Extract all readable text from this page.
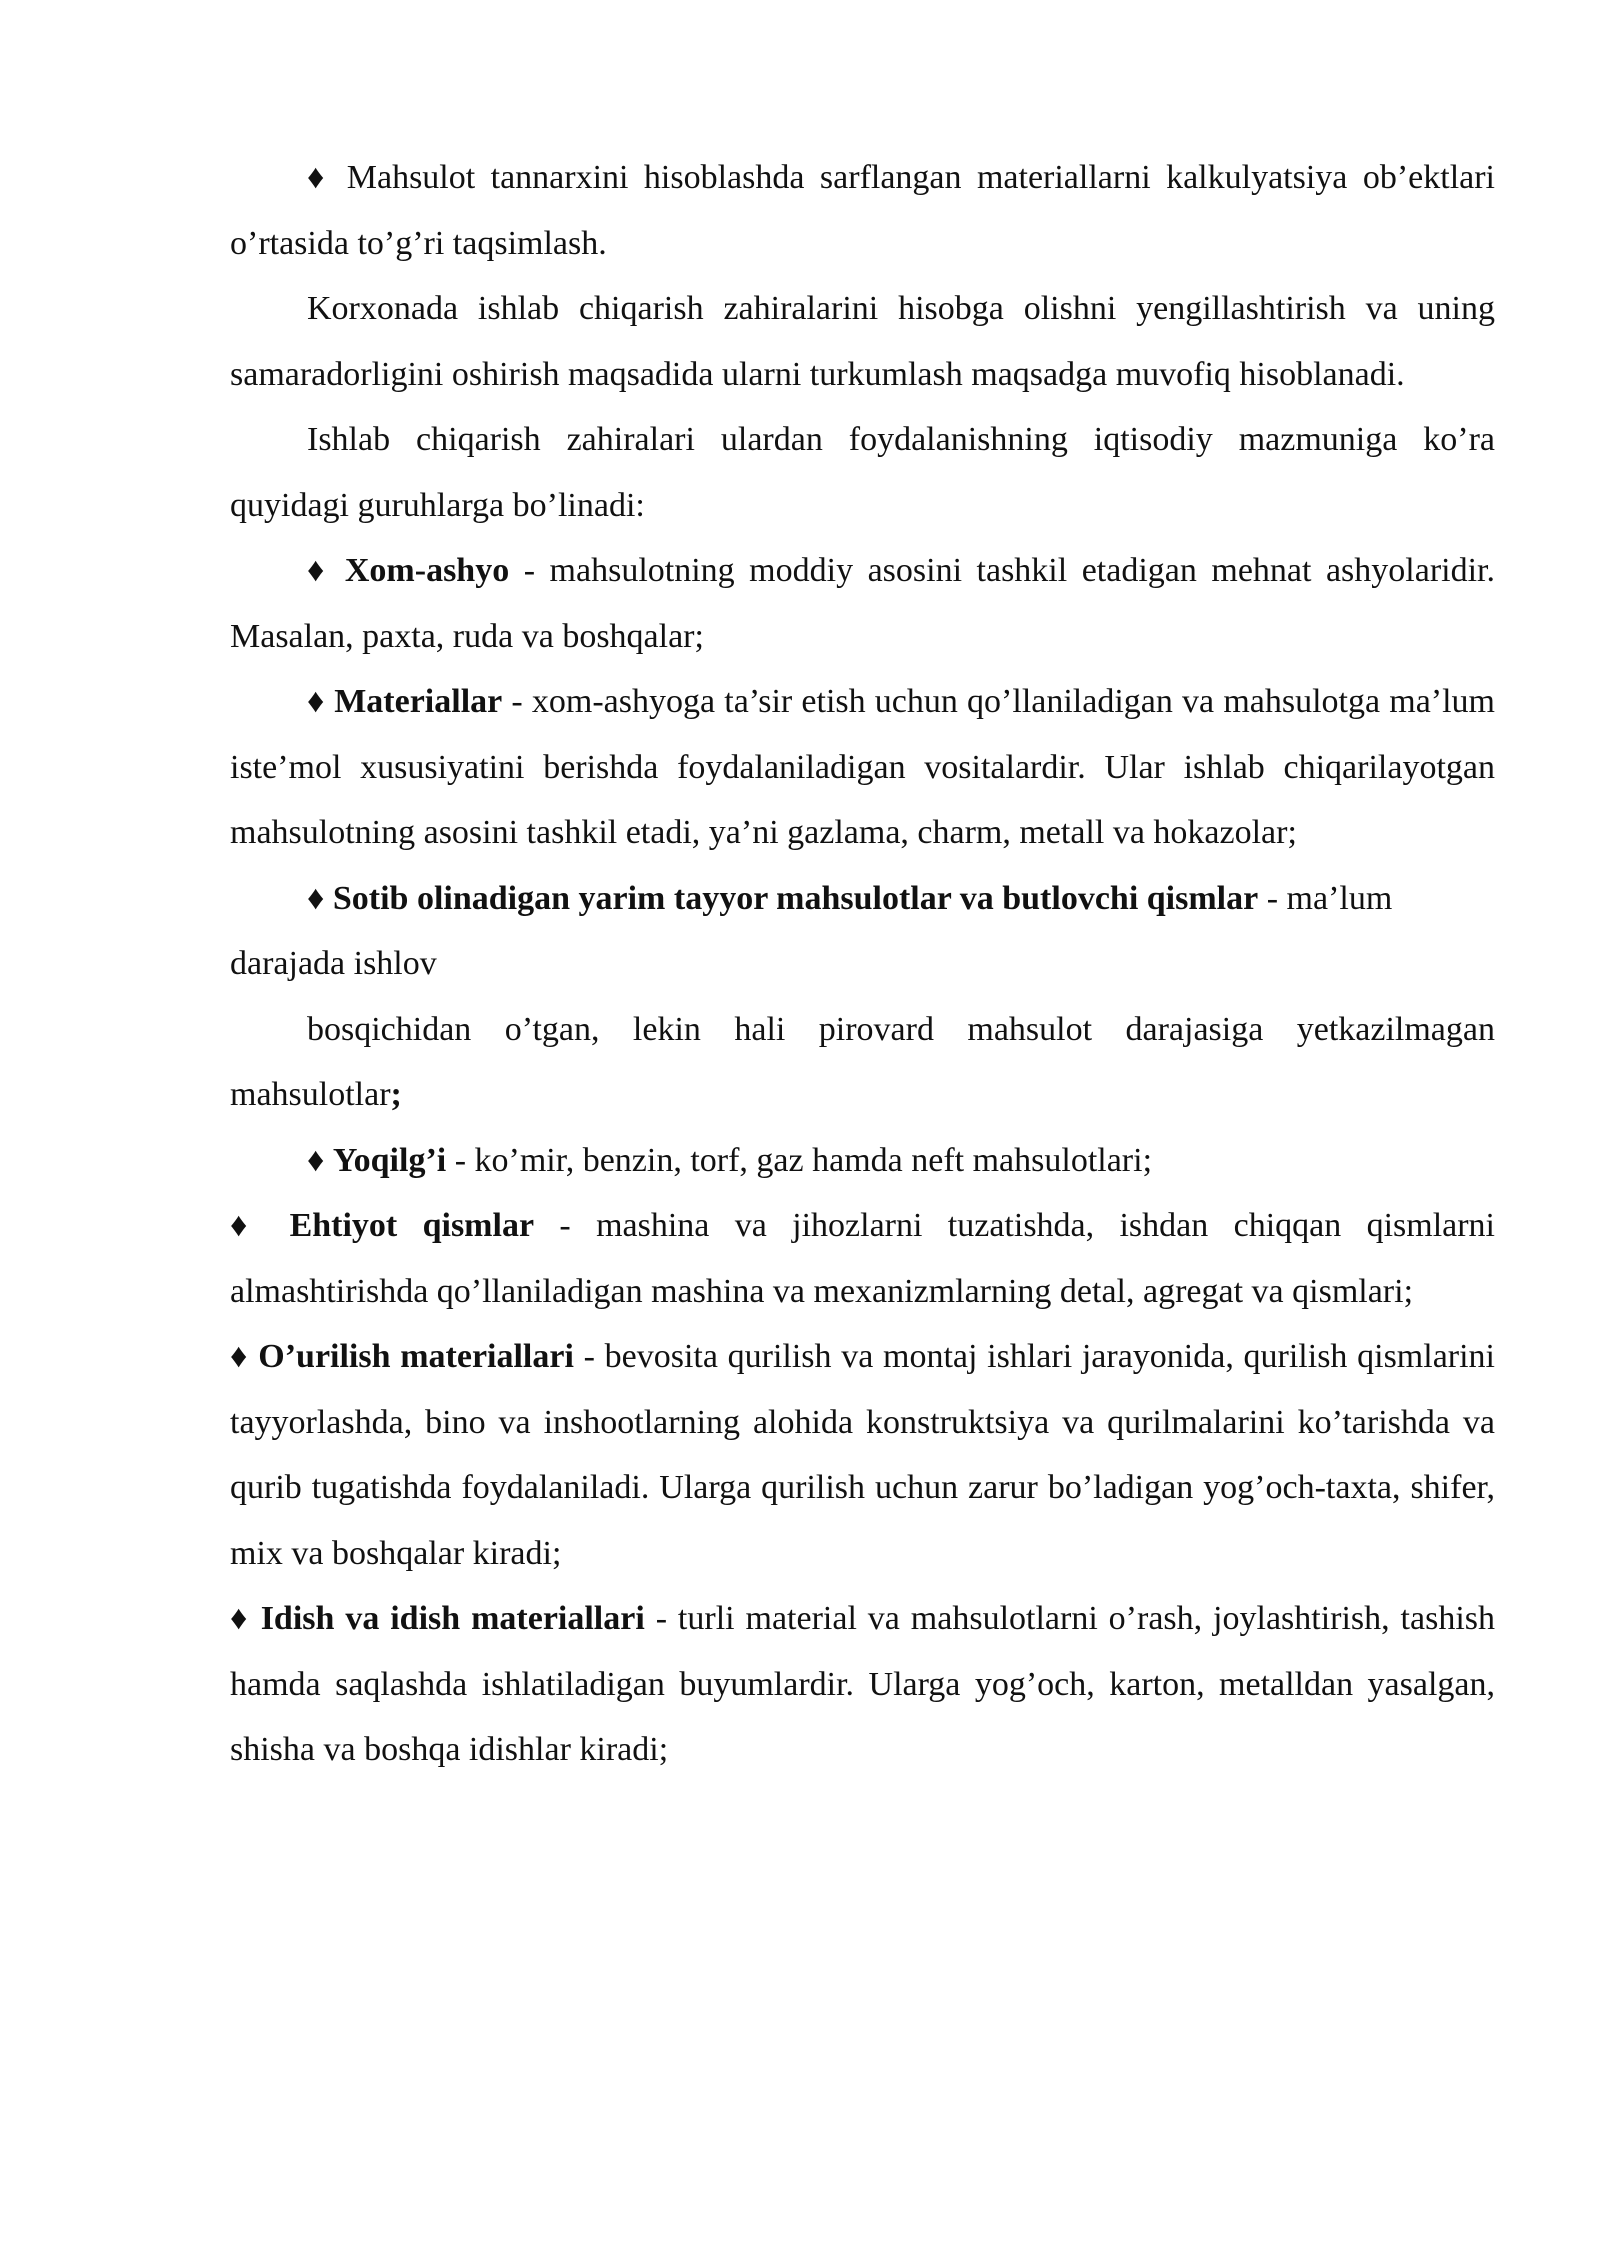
♦ Mahsulot tannarxini hisoblashda sarflangan materiallarni kalkulyatsiya ob’ektlari o’rtasida to’g’ri taqsimlash.

Korxonada ishlab chiqarish zahiralarini hisobga olishni yengillashtirish va uning samaradorligini oshirish maqsadida ularni turkumlash maqsadga muvofiq hisoblanadi.

Ishlab chiqarish zahiralari ulardan foydalanishning iqtisodiy mazmuniga ko’ra quyidagi guruhlarga bo’linadi:

♦ Xom-ashyo - mahsulotning moddiy asosini tashkil etadigan mehnat ashyolaridir. Masalan, paxta, ruda va boshqalar;

♦ Materiallar - xom-ashyoga ta’sir etish uchun qo’llaniladigan va mahsulotga ma’lum iste’mol xususiyatini berishda foydalaniladigan vositalardir. Ular ishlab chiqarilayotgan mahsulotning asosini tashkil etadi, ya’ni gazlama, charm, metall va hokazolar;

♦ Sotib olinadigan yarim tayyor mahsulotlar va butlovchi qismlar - ma’lum darajada ishlov

bosqichidan o’tgan, lekin hali pirovard mahsulot darajasiga yetkazilmagan mahsulotlar;

♦ Yoqilg’i - ko’mir, benzin, torf, gaz hamda neft mahsulotlari;

♦ Ehtiyot qismlar - mashina va jihozlarni tuzatishda, ishdan chiqqan qismlarni almashtirishda qo’llaniladigan mashina va mexanizmlarning detal, agregat va qismlari;

♦ O’urilish materiallari - bevosita qurilish va montaj ishlari jarayonida, qurilish qismlarini tayyorlashda, bino va inshootlarning alohida konstruktsiya va qurilmalarini ko’tarishda va qurib tugatishda foydalaniladi. Ularga qurilish uchun zarur bo’ladigan yog’och-taxta, shifer, mix va boshqalar kiradi;

♦ Idish va idish materiallari - turli material va mahsulotlarni o’rash, joylashtirish, tashish hamda saqlashda ishlatiladigan buyumlardir. Ularga yog’och, karton, metalldan yasalgan, shisha va boshqa idishlar kiradi;
